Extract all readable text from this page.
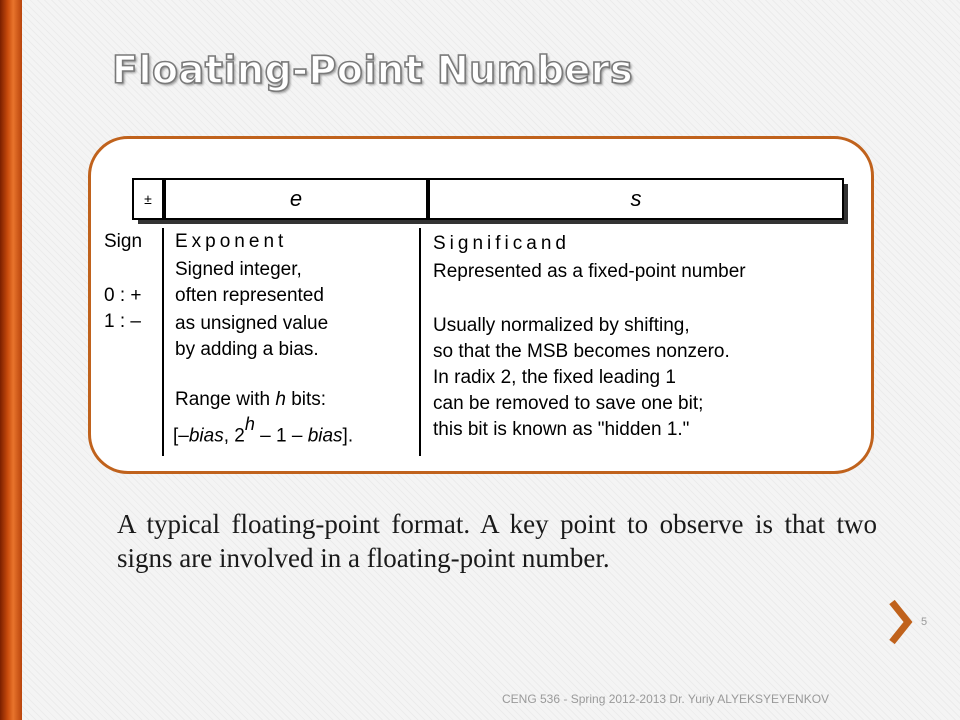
Floating-Point Numbers
±	e	s
Sign
0 : +
1 : –
Exponent
Signed integer,
often represented
as unsigned value
by adding a bias.
Range with h bits:
[–bias, 2$^h$ – 1 – bias].
Significand
Represented as a fixed-point number
Usually normalized by shifting,
so that the MSB becomes nonzero.
In radix 2, the fixed leading 1
can be removed to save one bit;
this bit is known as "hidden 1."

A typical floating-point format. A key point to observe is that two signs are involved in a floating-point number.

5
CENG 536 - Spring 2012-2013 Dr. Yuriy ALYEKSYEYENKOV
